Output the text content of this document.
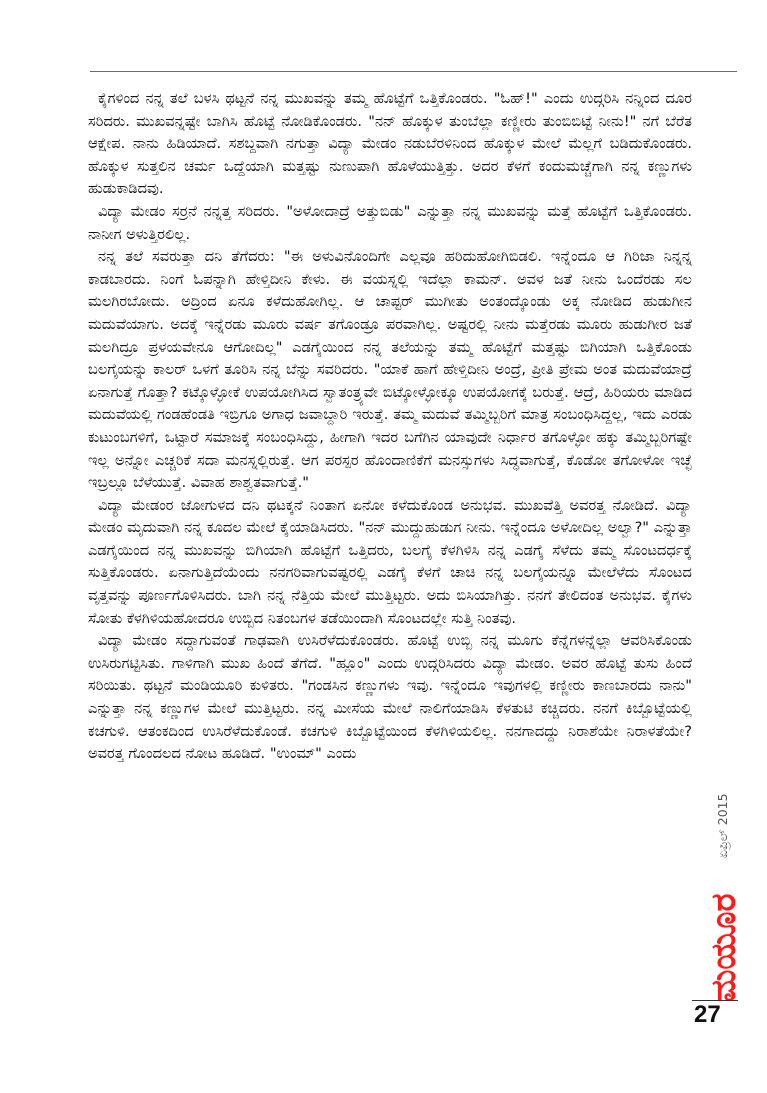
ಕೈಗಳಿಂದ ನನ್ನ ತಲೆ ಬಳಸಿ ಥಟ್ಟನೆ ನನ್ನ ಮುಖವನ್ನು ತಮ್ಮ ಹೊಟ್ಟೆಗೆ ಒತ್ತಿಕೊಂಡರು. "ಓಹ್!" ಎಂದು ಉದ್ಗರಿಸಿ ನನ್ನಿಂದ ದೂರ ಸರಿದರು. ಮುಖವನ್ನಷ್ಟೇ ಬಾಗಿಸಿ ಹೊಟ್ಟೆ ನೋಡಿಕೊಂಡರು. "ನನ್ ಹೊಕ್ಕುಳ ತುಂಬೆಲ್ಲಾ ಕಣ್ಣೀರು ತುಂಬಿಬಿಟ್ಟೆ ನೀನು!" ನಗೆ ಬೆರೆತ ಆಕ್ಷೇಪ. ನಾನು ಹಿಡಿಯಾದೆ. ಸಶಬ್ದವಾಗಿ ನಗುತ್ತಾ ವಿದ್ಯಾ ಮೇಡಂ ನಡುಬೆರಳಿನಿಂದ ಹೊಕ್ಕುಳ ಮೇಲೆ ಮೆಲ್ಲಗೆ ಬಡಿದುಕೊಂಡರು. ಹೊಕ್ಕುಳ ಸುತ್ತಲಿನ ಚರ್ಮ ಒದ್ದೆಯಾಗಿ ಮತ್ತಷ್ಟು ನುಣುಪಾಗಿ ಹೊಳೆಯುತ್ತಿತ್ತು. ಅದರ ಕೆಳಗೆ ಕಂದುಮಚ್ಚೆಗಾಗಿ ನನ್ನ ಕಣ್ಣುಗಳು ಹುಡುಕಾಡಿದವು.

ವಿದ್ಯಾ ಮೇಡಂ ಸರ್ರನೆ ನನ್ನತ್ತ ಸರಿದರು. "ಅಳೋದಾದ್ರೆ ಅತ್ತುಬಿಡು" ಎನ್ನುತ್ತಾ ನನ್ನ ಮುಖವನ್ನು ಮತ್ತೆ ಹೊಟ್ಟೆಗೆ ಒತ್ತಿಕೊಂಡರು. ನಾನೀಗ ಅಳುತ್ತಿರಲಿಲ್ಲ.

ನನ್ನ ತಲೆ ಸವರುತ್ತಾ ದನಿ ತೆಗೆದರು: "ಈ ಅಳುವಿನೊಂದಿಗೇ ಎಲ್ಲವೂ ಹರಿದುಹೋಗಿಬಿಡಲಿ. ಇನ್ನೆಂದೂ ಆ ಗಿರಿಜಾ ನಿನ್ನನ್ನ ಕಾಡಬಾರದು. ನಿಂಗೆ ಓಪನ್ನಾಗಿ ಹೇಳ್ತಿದೀನಿ ಕೇಳು. ಈ ವಯಸ್ನಲ್ಲಿ ಇದೆಲ್ಲಾ ಕಾಮನ್. ಅವಳ ಜತೆ ನೀನು ಒಂದೆರಡು ಸಲ ಮಲಗಿರಬೋದು. ಅದ್ರಿಂದ ಏನೂ ಕಳೆದುಹೋಗಿಲ್ಲ. ಆ ಚಾಪ್ಟರ್ ಮುಗೀತು ಅಂತಂದ್ಕೊಂಡು ಅಕ್ಕ ನೋಡಿದ ಹುಡುಗೀನ ಮದುವೆಯಾಗು. ಅದಕ್ಕೆ ಇನ್ನೆರಡು ಮೂರು ವರ್ಷ ತಗೊಂಡ್ರೂ ಪರವಾಗಿಲ್ಲ. ಅಷ್ಟರಲ್ಲಿ ನೀನು ಮತ್ತೆರಡು ಮೂರು ಹುಡುಗೀರ ಜತೆ ಮಲಗಿದ್ರೂ ಪ್ರಳಯವೇನೂ ಆಗೋದಿಲ್ಲ" ಎಡಗೈಯಿಂದ ನನ್ನ ತಲೆಯನ್ನು ತಮ್ಮ ಹೊಟ್ಟೆಗೆ ಮತ್ತಷ್ಟು ಬಿಗಿಯಾಗಿ ಒತ್ತಿಕೊಂಡು ಬಲಗೈಯನ್ನು ಕಾಲರ್ ಒಳಗೆ ತೂರಿಸಿ ನನ್ನ ಬೆನ್ನು ಸವರಿದರು. "ಯಾಕೆ ಹಾಗೆ ಹೇಳ್ತಿದೀನಿ ಅಂದ್ರೆ, ಪ್ರೀತಿ ಪ್ರೇಮ ಅಂತ ಮದುವೆಯಾದ್ರೆ ಏನಾಗುತ್ತೆ ಗೊತ್ತಾ? ಕಟ್ಕೊಳ್ಳೋಕೆ ಉಪಯೋಗಿಸಿದ ಸ್ವಾತಂತ್ರ್ಯವೇ ಬಿಟ್ಕೋಳ್ಳೋಕ್ಕೂ ಉಪಯೋಗಕ್ಕೆ ಬರುತ್ತೆ. ಆದ್ರೆ, ಹಿರಿಯರು ಮಾಡಿದ ಮದುವೆಯಲ್ಲಿ ಗಂಡಹೆಂಡತಿ ಇಬ್ರಿಗೂ ಅಗಾಧ ಜವಾಬ್ದಾರಿ ಇರುತ್ತೆ. ತಮ್ಮ ಮದುವೆ ತಮ್ಮಿಬ್ಬರಿಗೆ ಮಾತ್ರ ಸಂಬಂಧಿಸಿದ್ದಲ್ಲ, ಇದು ಎರಡು ಕುಟುಂಬಗಳಿಗೆ, ಒಟ್ಟಾರೆ ಸಮಾಜಕ್ಕೆ ಸಂಬಂಧಿಸಿದ್ದು, ಹೀಗಾಗಿ ಇದರ ಬಗೆಗಿನ ಯಾವುದೇ ನಿರ್ಧಾರ ತಗೊಳ್ಳೋ ಹಕ್ಕು ತಮ್ಮಿಬ್ಬರಿಗಷ್ಟೇ ಇಲ್ಲ ಅನ್ನೋ ಎಚ್ಚರಿಕೆ ಸದಾ ಮನಸ್ನಲ್ಲಿರುತ್ತೆ. ಆಗ ಪರಸ್ಪರ ಹೊಂದಾಣಿಕೆಗೆ ಮನಸ್ಸುಗಳು ಸಿದ್ಧವಾಗುತ್ತೆ, ಕೊಡೋ ತಗೋಳೋ ಇಚ್ಛೆ ಇಬ್ರಲ್ಲೂ ಬೆಳೆಯುತ್ತೆ. ವಿವಾಹ ಶಾಶ್ವತವಾಗುತ್ತೆ."

ವಿದ್ಯಾ ಮೇಡಂರ ಜೋಗುಳದ ದನಿ ಥಟಕ್ಕನೆ ನಿಂತಾಗ ಏನೋ ಕಳೆದುಕೊಂಡ ಅನುಭವ. ಮುಖವೆತ್ತಿ ಅವರತ್ತ ನೋಡಿದೆ. ವಿದ್ಯಾ ಮೇಡಂ ಮೃದುವಾಗಿ ನನ್ನ ಕೂದಲ ಮೇಲೆ ಕೈಯಾಡಿಸಿದರು. "ನನ್ ಮುದ್ದುಹುಡುಗ ನೀನು. ಇನ್ನೆಂದೂ ಅಳೋದಿಲ್ಲ ಅಲ್ವಾ?" ಎನ್ನುತ್ತಾ ಎಡಗೈಯಿಂದ ನನ್ನ ಮುಖವನ್ನು ಬಿಗಿಯಾಗಿ ಹೊಟ್ಟೆಗೆ ಒತ್ತಿದರು, ಬಲಗೈ ಕೆಳಗಿಳಿಸಿ ನನ್ನ ಎಡಗೈ ಸೆಳೆದು ತಮ್ಮ ಸೊಂಟದರ್ಧಕ್ಕೆ ಸುತ್ತಿಕೊಂಡರು. ಏನಾಗುತ್ತಿದೆಯೆಂದು ನನಗರಿವಾಗುವಷ್ಟರಲ್ಲಿ ಎಡಗೈ ಕೆಳಗೆ ಚಾಚಿ ನನ್ನ ಬಲಗೈಯನ್ನೂ ಮೇಲೆಳೆದು ಸೊಂಟದ ವೃತ್ತವನ್ನು ಪೂರ್ಣಗೊಳಿಸಿದರು. ಬಾಗಿ ನನ್ನ ನೆತ್ತಿಯ ಮೇಲೆ ಮುತ್ತಿಟ್ಟರು. ಅದು ಬಿಸಿಯಾಗಿತ್ತು. ನನಗೆ ತೇಲಿದಂತ ಅನುಭವ. ಕೈಗಳು ಸೋತು ಕೆಳಗಿಳಿಯಹೋದರೂ ಉಬ್ಬಿದ ನಿತಂಬಗಳ ತಡೆಯಿಂದಾಗಿ ಸೊಂಟದಲ್ಲೇ ಸುತ್ತಿ ನಿಂತವು.

ವಿದ್ಯಾ ಮೇಡಂ ಸದ್ದಾಗುವಂತೆ ಗಾಢವಾಗಿ ಉಸಿರೆಳೆದುಕೊಂಡರು. ಹೊಟ್ಟೆ ಉಬ್ಬಿ ನನ್ನ ಮೂಗು ಕೆನ್ನೆಗಳನ್ನೆಲ್ಲಾ ಆವರಿಸಿಕೊಂಡು ಉಸಿರುಗಟ್ಟಿಸಿತು. ಗಾಳಿಗಾಗಿ ಮುಖ ಹಿಂದೆ ತೆಗೆದೆ. "ಹ್ಲೂಂ" ಎಂದು ಉದ್ಗರಿಸಿದರು ವಿದ್ಯಾ ಮೇಡಂ. ಅವರ ಹೊಟ್ಟೆ ತುಸು ಹಿಂದೆ ಸರಿಯಿತು. ಥಟ್ಟನೆ ಮಂಡಿಯೂರಿ ಕುಳಿತರು. "ಗಂಡಸಿನ ಕಣ್ಣುಗಳು ಇವು. ಇನ್ನೆಂದೂ ಇವುಗಳಲ್ಲಿ ಕಣ್ಣೀರು ಕಾಣಬಾರದು ನಾನು" ಎನ್ನುತ್ತಾ ನನ್ನ ಕಣ್ಣುಗಳ ಮೇಲೆ ಮುತ್ತಿಟ್ಟರು. ನನ್ನ ಮೀಸೆಯ ಮೇಲೆ ನಾಲಿಗೆಯಾಡಿಸಿ ಕೆಳತುಟಿ ಕಚ್ಚಿದರು. ನನಗೆ ಕಿಬ್ಬೊಟ್ಟೆಯಲ್ಲಿ ಕಚಗುಳಿ. ಆತಂಕದಿಂದ ಉಸಿರೆಳೆದುಕೊಂಡೆ. ಕಚಗುಳಿ ಕಿಬ್ಬೊಟ್ಟೆಯಿಂದ ಕೆಳಗಿಳಿಯಲಿಲ್ಲ. ನನಗಾದದ್ದು ನಿರಾಶೆಯೇ ನಿರಾಳತೆಯೇ? ಅವರತ್ತ ಗೊಂದಲದ ನೋಟ ಹೂಡಿದೆ. "ಉಂಮ್" ಎಂದು

ಏಪ್ರಿಲ್ 2015
ಮಯೂರ
27
